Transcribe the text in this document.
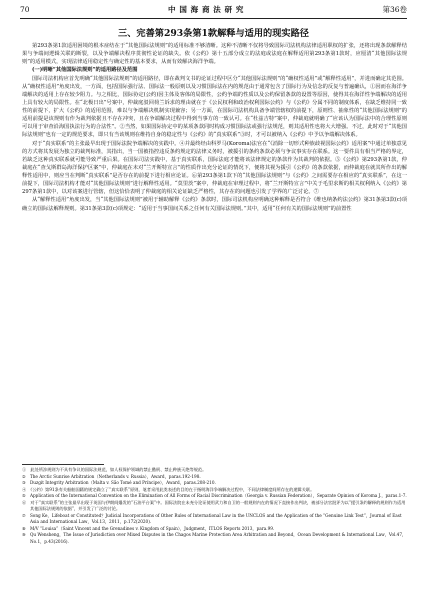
70	中 国 海 商 法 研 究	第36卷
三、完善第293条第1款解释与适用的现实路径

第293条第1款适用困境的根本症结在于“其他国际法规则”的适用标准不够清晰。这种不清晰不仅将导致国际司法机构法律适用职权的扩张，还将出现条款解释结果与争端间逻辑关联的断裂，以及争端解决程序贯彻性论证的缺失。依《公约》第十五部分成立的法庭或法庭在解释适用第293条第1款时，应厘清“其他国际法规则”的适用模式，实现法律适用稳定性与确定性的基本要求，从而有效解决海洋争端。

(一)明晰“其他国际法规则”的适用路径及范围

国际司法机构应首先明确“其他国际法规则”的适用路径，即在裁判文书的论证过程中区分“其他国际法规则”的“确权性适用”或“解释性适用”，并进而确定其范围。从“确权性适用”角度出发，一方面，包括国际强行法、国际法一般原则以及习惯国际法在内的规范由于通常包含了国际行为及信念的反复与普遍确认，①因而在海洋争端解决的适用上存在较少阻力。与之相比，国际协定(公约)因主体及客体的局限性，公约争端的性质以及公约保留条款的设置等原因，使得其在海洋性争端解决的适用上具有较大的局限性。在“北极日出”号案中，仲裁庭驳回荷兰诉求的理由就在于《公民权利和政治权利国际公约》与《公约》分属不同的制度体系，在缺乏维持同一致性的前提下，扩大《公约》的适用范围，难以与争端解决机制实现兼容；另一方面，在国际司法机构具备争端管辖权的前提下，原则性、抽象性的“其他国际法规则”的适用前提是该规则有作为裁判依据且不存在冲突，且在争端解决过程中得到当事方的一致认可。在“杜兹吉特”案中，仲裁庭就明确了“应该认为国际法中的合理性原则可以用于审查沿海国执法行为的合法性”。②当然，如果国际协定中的某项条款同时构成习惯国际法或强行法规范，则其适用性也将大大增强。不过，此时对于“其他国际法规则”也有一定的规范要求，即只有当该规则在维持自身的稳定性与《公约》的“真实联系”③时，才可以被纳入《公约》中予以争端解决体系。

对于“真实联系”的主张最早出现于国际法院争端解决的实践中。④并最终经由科罗马(Koroma)法官在“《消除一切形式种族歧视国际公约》适用案”中通过单独意见的方式将其发展为独立的裁判标准，其指出，当一国被指控违反条约规定的法律义务时，被援引的条约条款必须与争议事实存在联系。这一要件具有相当严格的界定，若缺乏这种真实联系就可能导致严重后果。在国际司法实践中，基于真实联系，国际法庭才能将该法律规定的条款作为其裁判的依据。⑤《公约》第293条第1款，仲裁庭在“查戈斯群岛海洋保护区案”中，仲裁庭在未对“兰开斯特宣言”的性质作出充分论证的情况下，便将其视为援引《公约》的条款依据，而仲裁庭在就其所作出的解释性适用中，则应当在判断“真实联系”是否存在的前提下进行相应论证。⑥第293条第1款下的“其他国际法规则”与《公约》之间需要存在相应的“真实联系”，在这一前提下，国际司法机构才能对“其他国际法规则”进行解释性适用。“莫里茨”案中，仲裁庭在审理过程中，将“兰开斯特宣言”中关于毛里求斯的相关权利纳入《公约》第297条第1款中，以对该案进行管辖，但这恰恰表明了仲裁庭的相关论证缺乏严格性，其存在的问题也引发了学界的广泛讨论。⑦

从“解释性适用”角度出发，当“其他国际法规则”被用于辅助解释《公约》条款时，国际司法机构应明确这种解释是否符合《维也纳条约法公约》第31条第3款(c)项确立的国际法解释规则。第31条第3款(c)项规定：“适用于当事国间关系之任何有关国际法规则。”其中，适用“任何有关的国际法规则”的前置性

①　此处所涉规则为不具有争议的国际法规范，如人权保护领域的禁止酷刑、禁止种族灭绝等规范。
②　The Arctic Sunrise Arbitration（Netherlands v. Russia），Award，paras.192-198.
③　Duzgit Integrity Arbitration（Malta v. São Tomé and Príncipe），Award，paras.208-210.
④　《公约》第91条有关船舶国籍的规定确立了“真实联系”原则，笔者采用此类表述的目的在于指明海洋争端解决过程中，不同法律制度间所存在的逻辑关联。
⑤　Application of the International Convention on the Elimination of All Forms of Racial Discrimination（Georgia v. Russian Federation），Separate Opinion of Koroma J.，paras.1-7.
⑥　对于“真实联系”的主张最早出现于英国与伊朗间爆发的“石油平台案”中。国际法院在未充分论证使用武力和自卫的一般规则内在的情况下直接作出判决，被部分法官批评为以“援引条约解释的规则作为适用其他国际法规则的依据”，并引发了广泛的讨论。
⑦　Song Ke，Lifeboat or Constituted？Judicial Incorporations of Other Rules of International Law in the UNCLOS and the Application of the “Genuine Link Test”，Journal of East Asia and International Law，Vol.13，2011，p.172(2020).
⑧　M/V “Louisa”（Saint Vincent and the Grenadines v. Kingdom of Spain），Judgment，ITLOS Reports 2013，para.99.
⑨　Qu Wensheng，The Issue of Jurisdiction over Mixed Disputes in the Chagos Marine Protection Area Arbitration and Beyond，Ocean Development & International Law，Vol.47，No.1，p.43(2016).
